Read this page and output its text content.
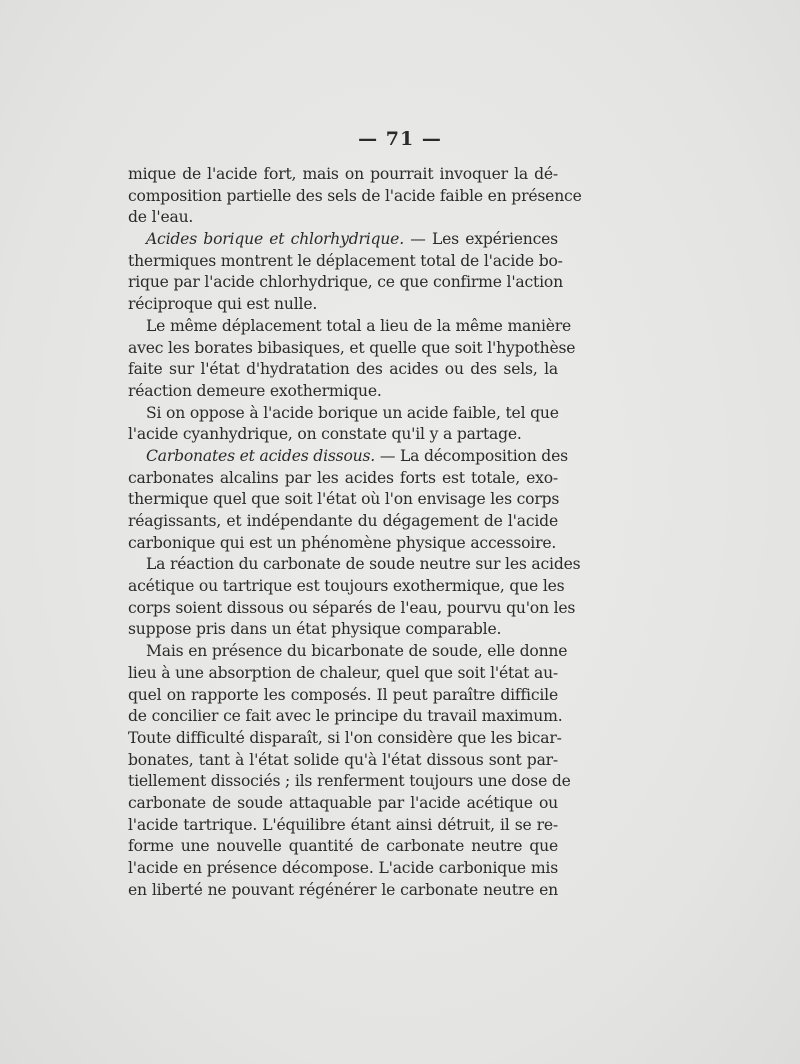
— 71 —
mique de l'acide fort, mais on pourrait invoquer la dé-
composition partielle des sels de l'acide faible en présence
de l'eau.
Acides borique et chlorhydrique. — Les expériences
thermiques montrent le déplacement total de l'acide bo-
rique par l'acide chlorhydrique, ce que confirme l'action
réciproque qui est nulle.
Le même déplacement total a lieu de la même manière
avec les borates bibasiques, et quelle que soit l'hypothèse
faite sur l'état d'hydratation des acides ou des sels, la
réaction demeure exothermique.
Si on oppose à l'acide borique un acide faible, tel que
l'acide cyanhydrique, on constate qu'il y a partage.
Carbonates et acides dissous. — La décomposition des
carbonates alcalins par les acides forts est totale, exo-
thermique quel que soit l'état où l'on envisage les corps
réagissants, et indépendante du dégagement de l'acide
carbonique qui est un phénomène physique accessoire.
La réaction du carbonate de soude neutre sur les acides
acétique ou tartrique est toujours exothermique, que les
corps soient dissous ou séparés de l'eau, pourvu qu'on les
suppose pris dans un état physique comparable.
Mais en présence du bicarbonate de soude, elle donne
lieu à une absorption de chaleur, quel que soit l'état au-
quel on rapporte les composés. Il peut paraître difficile
de concilier ce fait avec le principe du travail maximum.
Toute difficulté disparaît, si l'on considère que les bicar-
bonates, tant à l'état solide qu'à l'état dissous sont par-
tiellement dissociés ; ils renferment toujours une dose de
carbonate de soude attaquable par l'acide acétique ou
l'acide tartrique. L'équilibre étant ainsi détruit, il se re-
forme une nouvelle quantité de carbonate neutre que
l'acide en présence décompose. L'acide carbonique mis
en liberté ne pouvant régénérer le carbonate neutre en
